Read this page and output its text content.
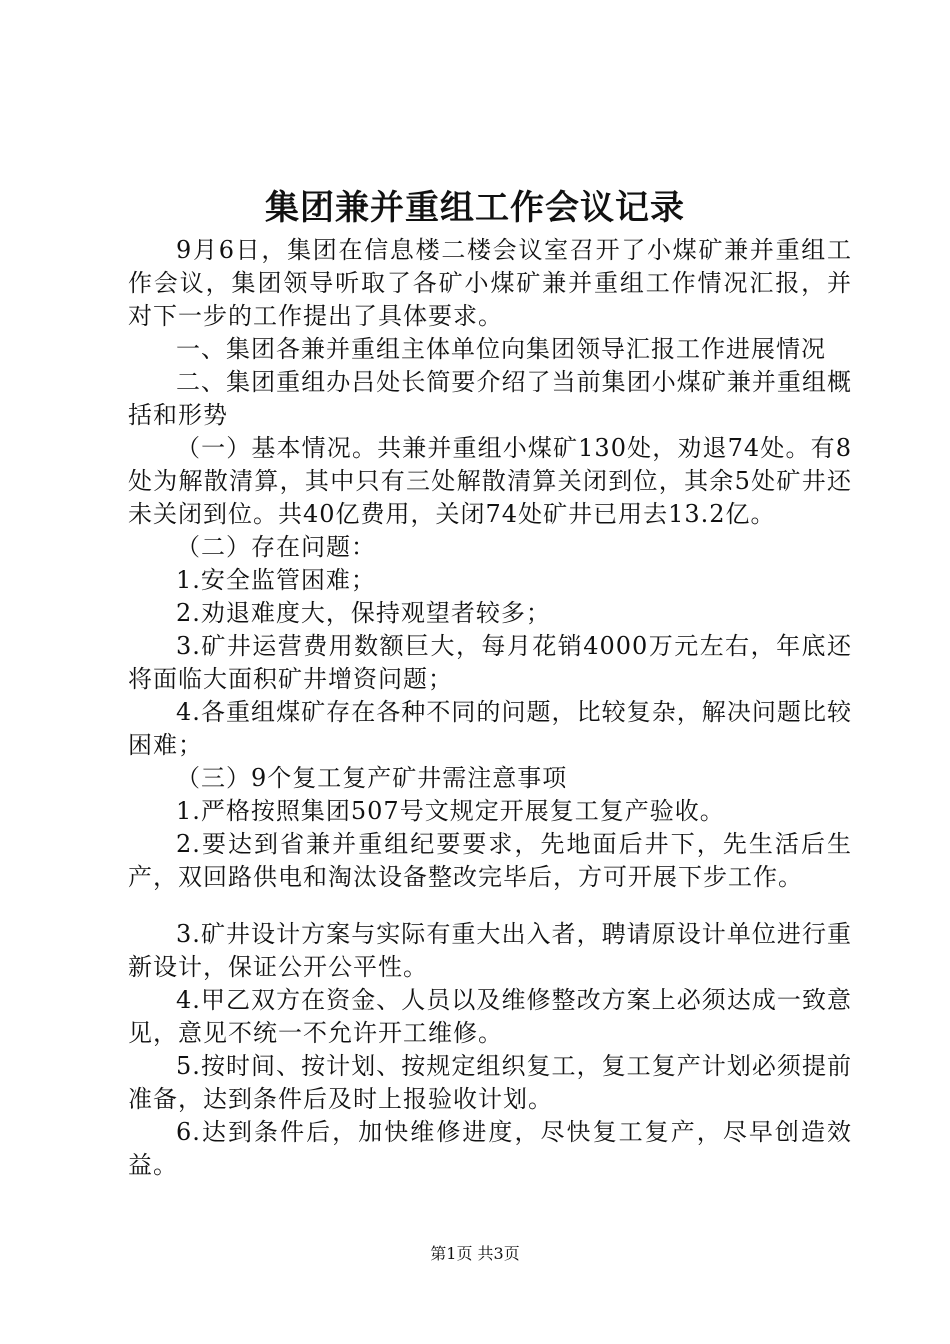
集团兼并重组工作会议记录

9月6日，集团在信息楼二楼会议室召开了小煤矿兼并重组工作会议，集团领导听取了各矿小煤矿兼并重组工作情况汇报，并对下一步的工作提出了具体要求。

一、集团各兼并重组主体单位向集团领导汇报工作进展情况

二、集团重组办吕处长简要介绍了当前集团小煤矿兼并重组概括和形势

（一）基本情况。共兼并重组小煤矿130处，劝退74处。有8处为解散清算，其中只有三处解散清算关闭到位，其余5处矿井还未关闭到位。共40亿费用，关闭74处矿井已用去13.2亿。

（二）存在问题：

1.安全监管困难；

2.劝退难度大，保持观望者较多；

3.矿井运营费用数额巨大，每月花销4000万元左右，年底还将面临大面积矿井增资问题；

4.各重组煤矿存在各种不同的问题，比较复杂，解决问题比较困难；

（三）9个复工复产矿井需注意事项

1.严格按照集团507号文规定开展复工复产验收。

2.要达到省兼并重组纪要要求，先地面后井下，先生活后生产，双回路供电和淘汰设备整改完毕后，方可开展下步工作。

3.矿井设计方案与实际有重大出入者，聘请原设计单位进行重新设计，保证公开公平性。

4.甲乙双方在资金、人员以及维修整改方案上必须达成一致意见，意见不统一不允许开工维修。

5.按时间、按计划、按规定组织复工，复工复产计划必须提前准备，达到条件后及时上报验收计划。

6.达到条件后，加快维修进度，尽快复工复产，尽早创造效益。

第1页 共3页
